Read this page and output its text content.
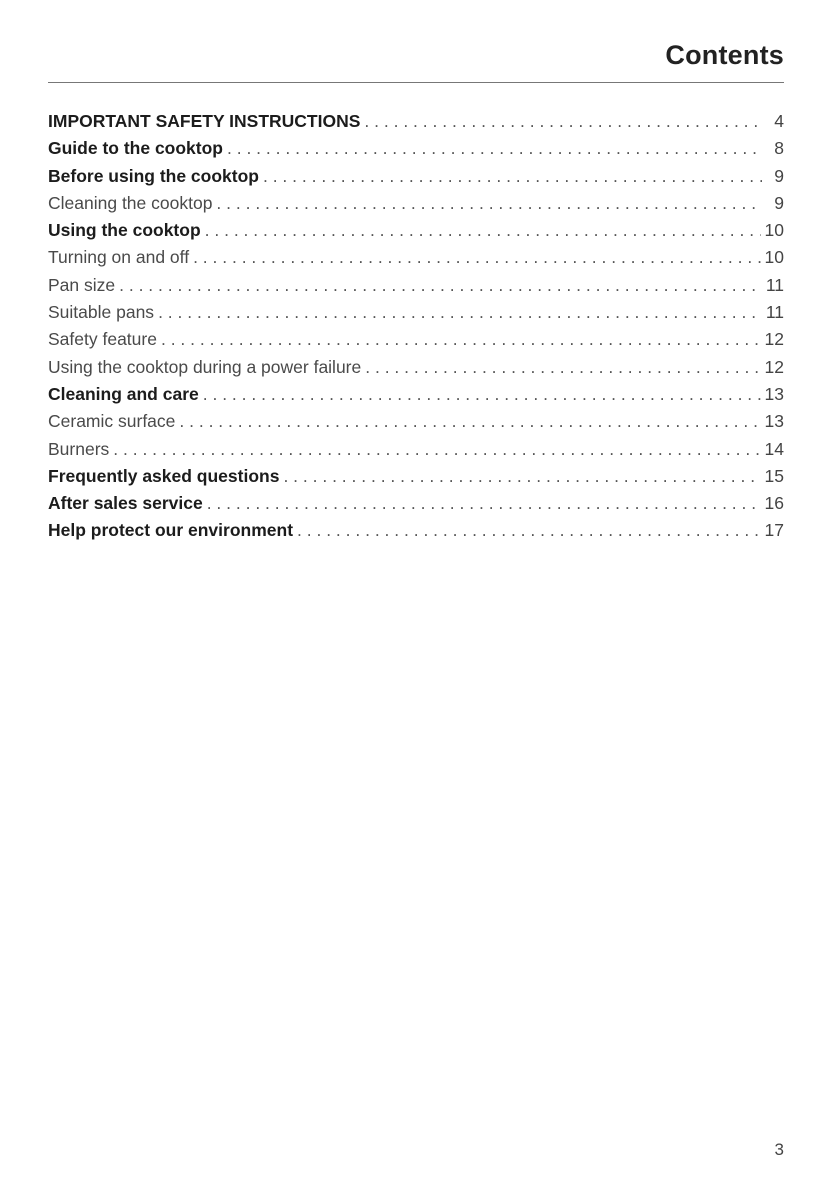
Contents
IMPORTANT SAFETY INSTRUCTIONS . . .	4
Guide to the cooktop . . .	8
Before using the cooktop . . .	9
Cleaning the cooktop . . .	9
Using the cooktop . . .	10
Turning on and off . . .	10
Pan size . . .	11
Suitable pans . . .	11
Safety feature . . .	12
Using the cooktop during a power failure . . .	12
Cleaning and care . . .	13
Ceramic surface . . .	13
Burners . . .	14
Frequently asked questions . . .	15
After sales service . . .	16
Help protect our environment . . .	17
3
